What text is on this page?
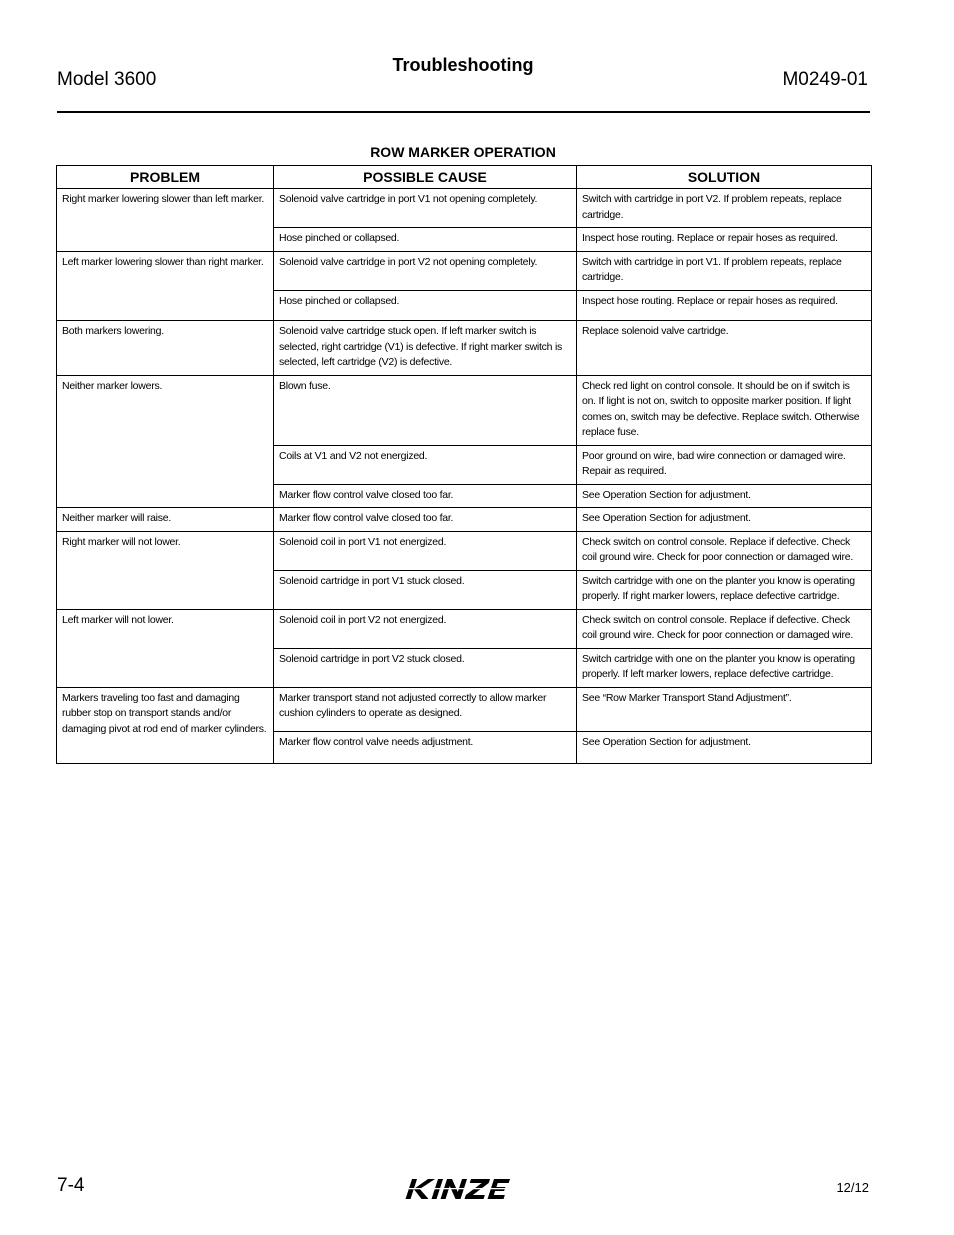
Model 3600
Troubleshooting
M0249-01
ROW MARKER OPERATION
PROBLEM	POSSIBLE CAUSE	SOLUTION
Right marker lowering slower than left marker.	Solenoid valve cartridge in port V1 not opening completely.	Switch with cartridge in port V2. If problem repeats, replace cartridge.
	Hose pinched or collapsed.	Inspect hose routing. Replace or repair hoses as required.
Left marker lowering slower than right marker.	Solenoid valve cartridge in port V2 not opening completely.	Switch with cartridge in port V1. If problem repeats, replace cartridge.
	Hose pinched or collapsed.	Inspect hose routing. Replace or repair hoses as required.
Both markers lowering.	Solenoid valve cartridge stuck open. If left marker switch is selected, right cartridge (V1) is defective. If right marker switch is selected, left cartridge (V2) is defective.	Replace solenoid valve cartridge.
Neither marker lowers.	Blown fuse.	Check red light on control console. It should be on if switch is on. If light is not on, switch to opposite marker position. If light comes on, switch may be defective. Replace switch. Otherwise replace fuse.
	Coils at V1 and V2 not energized.	Poor ground on wire, bad wire connection or damaged wire. Repair as required.
	Marker flow control valve closed too far.	See Operation Section for adjustment.
Neither marker will raise.	Marker flow control valve closed too far.	See Operation Section for adjustment.
Right marker will not lower.	Solenoid coil in port V1 not energized.	Check switch on control console. Replace if defective. Check coil ground wire. Check for poor connection or damaged wire.
	Solenoid cartridge in port V1 stuck closed.	Switch cartridge with one on the planter you know is operating properly. If right marker lowers, replace defective cartridge.
Left marker will not lower.	Solenoid coil in port V2 not energized.	Check switch on control console. Replace if defective. Check coil ground wire. Check for poor connection or damaged wire.
	Solenoid cartridge in port V2 stuck closed.	Switch cartridge with one on the planter you know is operating properly. If left marker lowers, replace defective cartridge.
Markers traveling too fast and damaging rubber stop on transport stands and/or damaging pivot at rod end of marker cylinders.	Marker transport stand not adjusted correctly to allow marker cushion cylinders to operate as designed.	See “Row Marker Transport Stand Adjustment”.
	Marker flow control valve needs adjustment.	See Operation Section for adjustment.
7-4	12/12
